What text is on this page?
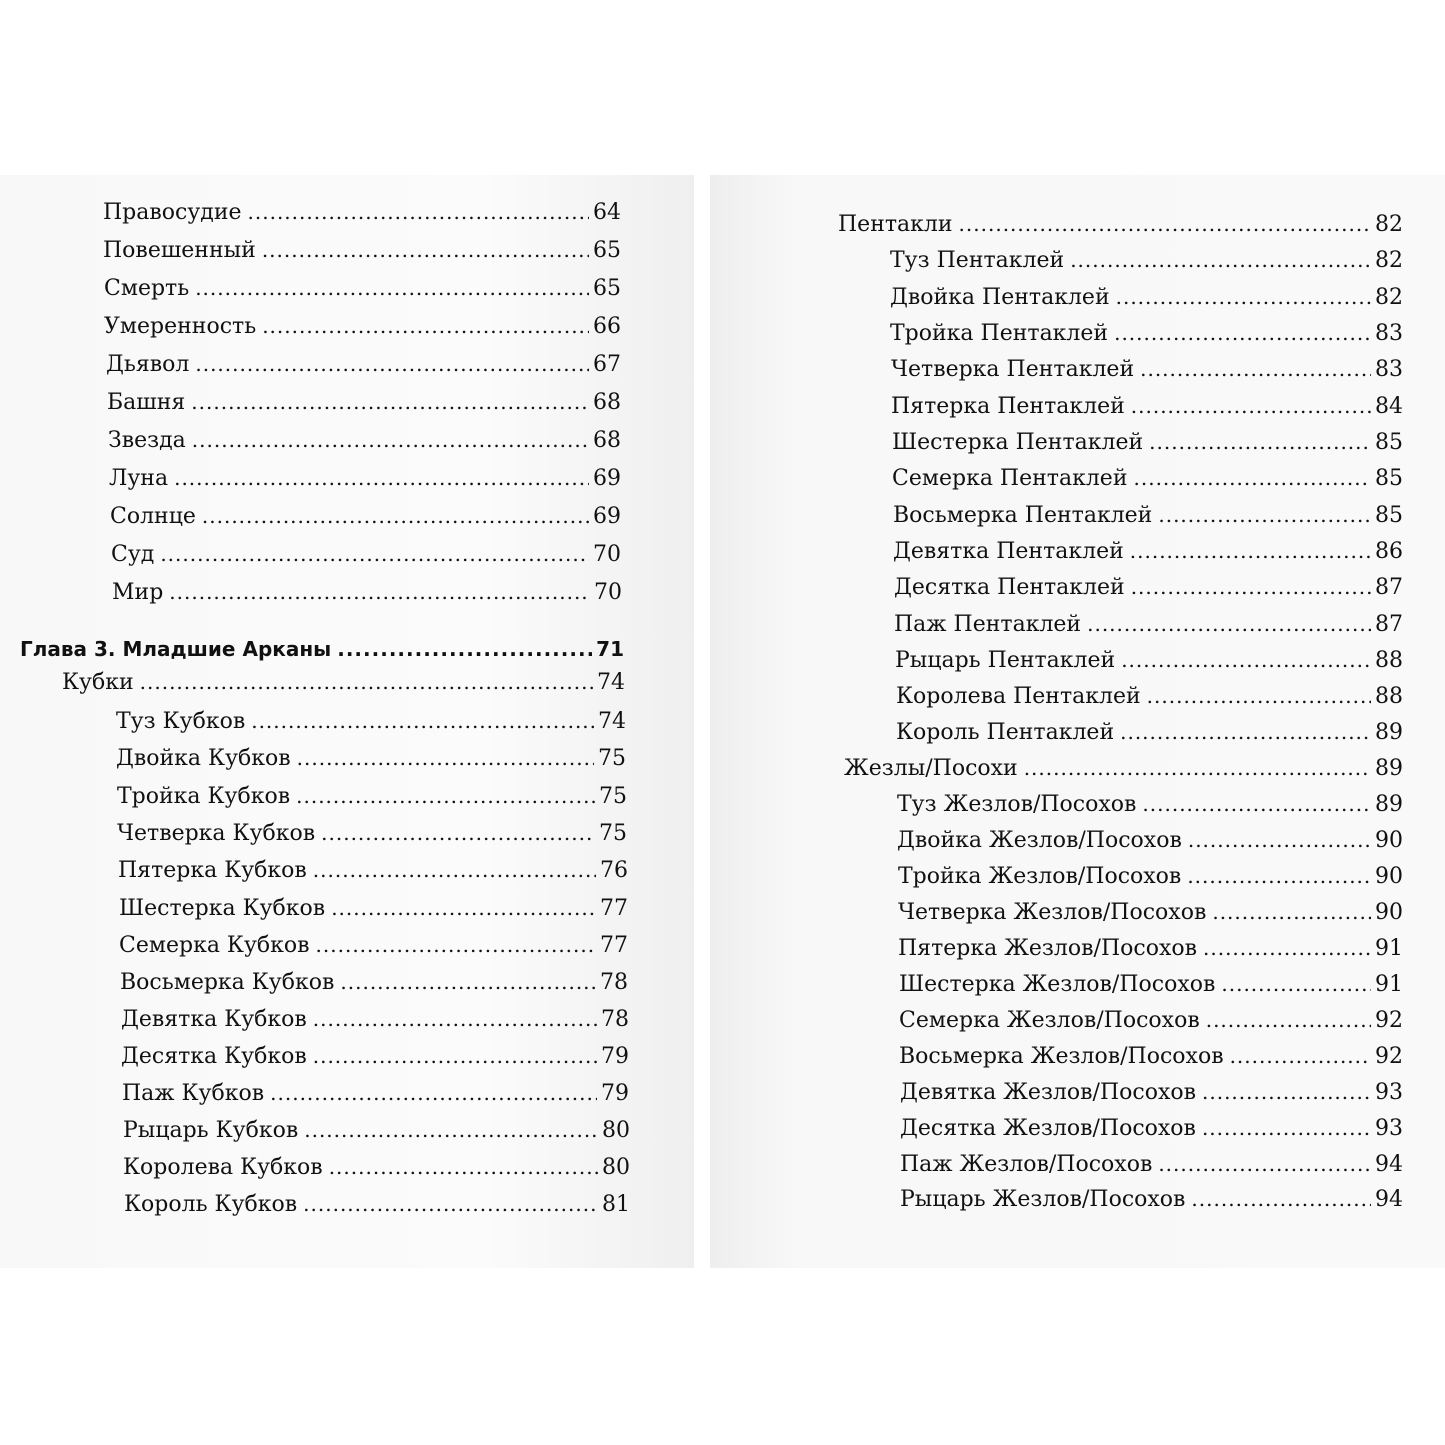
Правосудие .....	64
Повешенный .....	65
Смерть .....	65
Умеренность .....	66
Дьявол .....	67
Башня .....	68
Звезда .....	68
Луна .....	69
Солнце .....	69
Суд .....	70
Мир .....	70
Глава 3. Младшие Арканы .....	71
Кубки .....	74
Туз Кубков .....	74
Двойка Кубков .....	75
Тройка Кубков .....	75
Четверка Кубков .....	75
Пятерка Кубков .....	76
Шестерка Кубков .....	77
Семерка Кубков .....	77
Восьмерка Кубков .....	78
Девятка Кубков .....	78
Десятка Кубков .....	79
Паж Кубков .....	79
Рыцарь Кубков .....	80
Королева Кубков .....	80
Король Кубков .....	81
Пентакли .....	82
Туз Пентаклей .....	82
Двойка Пентаклей .....	82
Тройка Пентаклей .....	83
Четверка Пентаклей .....	83
Пятерка Пентаклей .....	84
Шестерка Пентаклей .....	85
Семерка Пентаклей .....	85
Восьмерка Пентаклей .....	85
Девятка Пентаклей .....	86
Десятка Пентаклей .....	87
Паж Пентаклей .....	87
Рыцарь Пентаклей .....	88
Королева Пентаклей .....	88
Король Пентаклей .....	89
Жезлы/Посохи .....	89
Туз Жезлов/Посохов .....	89
Двойка Жезлов/Посохов .....	90
Тройка Жезлов/Посохов .....	90
Четверка Жезлов/Посохов .....	90
Пятерка Жезлов/Посохов .....	91
Шестерка Жезлов/Посохов .....	91
Семерка Жезлов/Посохов .....	92
Восьмерка Жезлов/Посохов .....	92
Девятка Жезлов/Посохов .....	93
Десятка Жезлов/Посохов .....	93
Паж Жезлов/Посохов .....	94
Рыцарь Жезлов/Посохов .....	94
